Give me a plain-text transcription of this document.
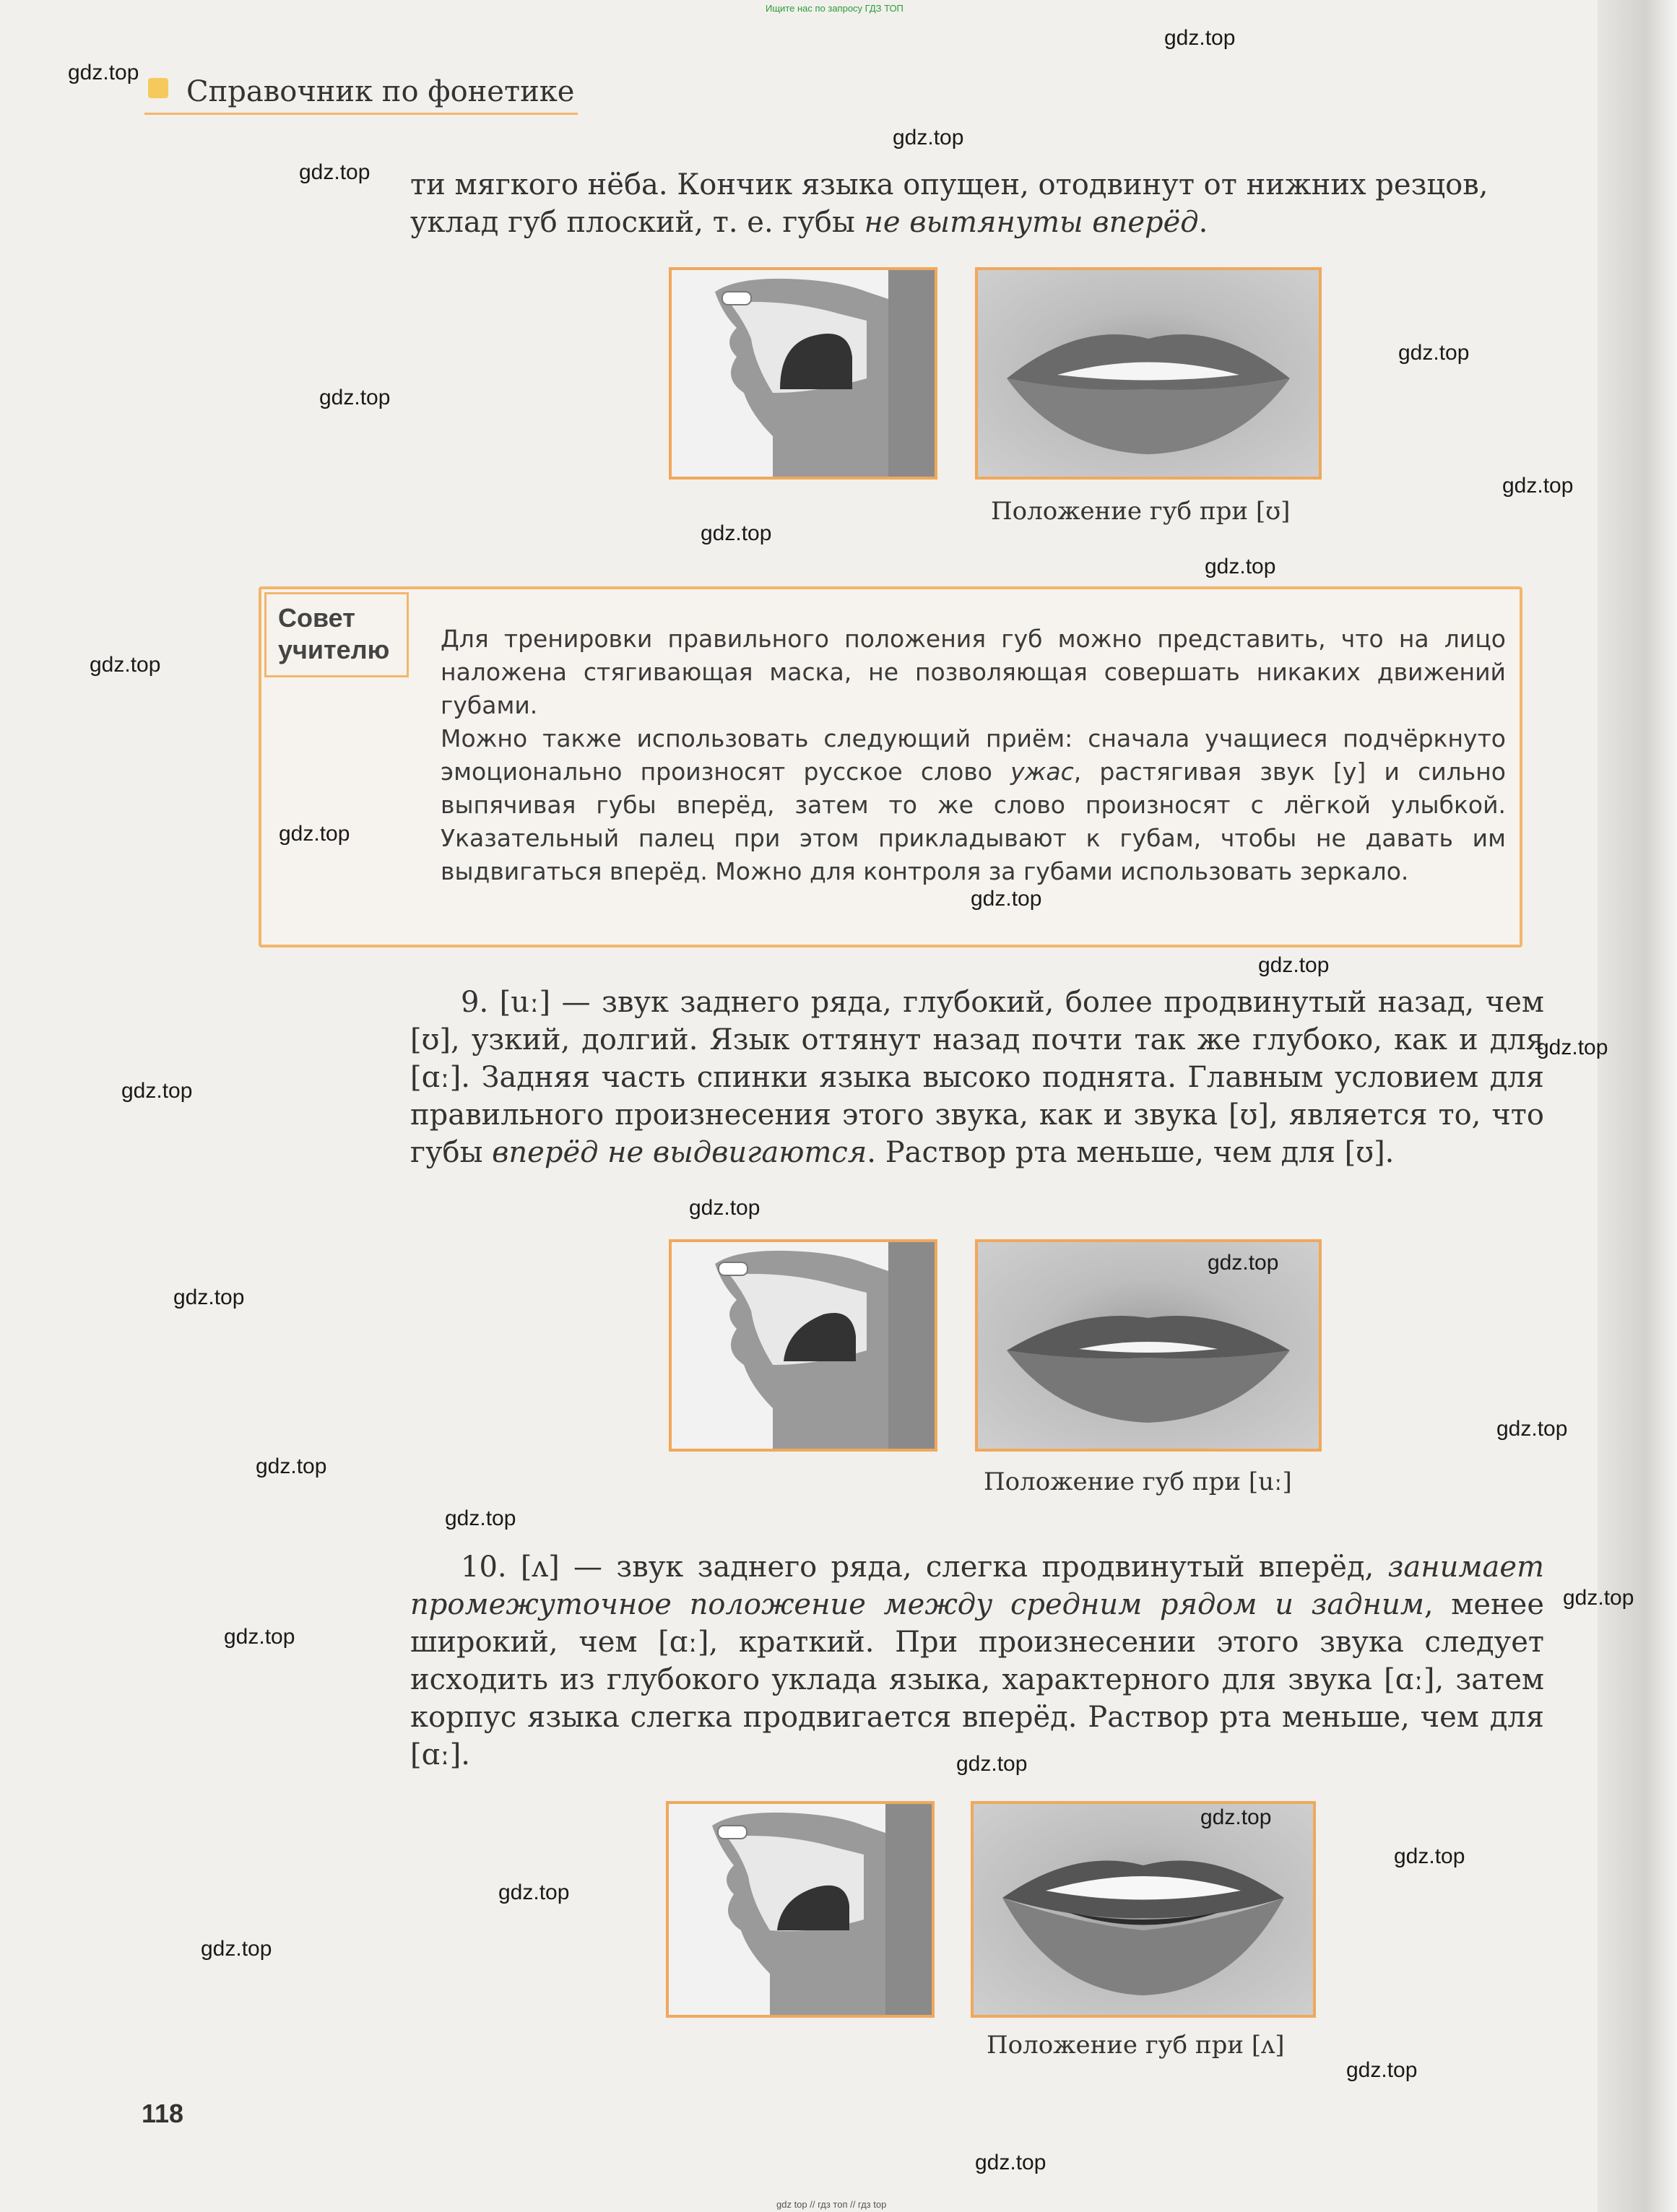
Ищите нас по запросу ГДЗ ТОП
Справочник по фонетике
ти мягкого нёба. Кончик языка опущен, отодвинут от нижних резцов,
уклад губ плоский, т. е. губы не вытянуты вперёд.
Положение губ при [ʊ]
Совет
учителю Для тренировки правильного положения губ можно представить, что на лицо наложена стягивающая маска, не позволяющая совершать никаких движений губами.
Можно также использовать следующий приём: сначала учащиеся подчёркнуто эмоционально произносят русское слово ужас, растягивая звук [у] и сильно выпячивая губы вперёд, затем то же слово произносят с лёгкой улыбкой. Указательный палец при этом прикладывают к губам, чтобы не давать им выдвигаться вперёд. Можно для контроля за губами использовать зеркало.
9. [uː] — звук заднего ряда, глубокий, более продвинутый назад, чем [ʊ], узкий, долгий. Язык оттянут назад почти так же глубоко, как и для [ɑː]. Задняя часть спинки языка высоко поднята. Главным условием для правильного произнесения этого звука, как и звука [ʊ], является то, что губы вперёд не выдвигаются. Раствор рта меньше, чем для [ʊ].
Положение губ при [uː]
10. [ʌ] — звук заднего ряда, слегка продвинутый вперёд, занимает промежуточное положение между средним рядом и задним, менее широкий, чем [ɑː], краткий. При произнесении этого звука следует исходить из глубокого уклада языка, характерного для звука [ɑː], затем корпус языка слегка продвигается вперёд. Раствор рта меньше, чем для [ɑː].
Положение губ при [ʌ]
118
gdz.top
gdz.top
gdz.top
gdz.top
gdz.top
gdz.top
gdz.top
gdz.top
gdz.top
gdz.top
gdz.top
gdz.top
gdz.top
gdz.top
gdz.top
gdz.top
gdz.top
gdz.top
gdz.top
gdz.top
gdz.top
gdz.top
gdz.top
gdz.top
gdz.top
gdz.top
gdz.top
gdz.top
gdz.top
gdz.top
gdz top // гдз топ // гдз top
